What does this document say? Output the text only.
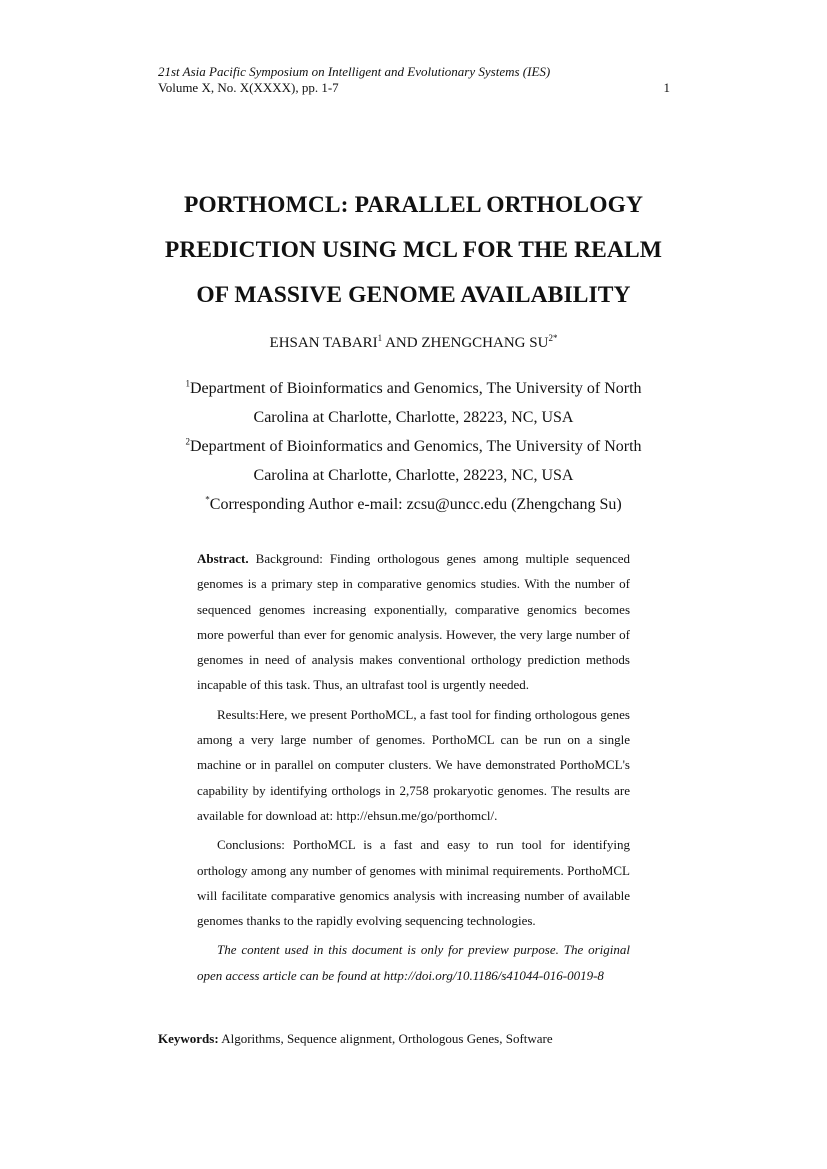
21st Asia Pacific Symposium on Intelligent and Evolutionary Systems (IES)
Volume X, No. X(XXXX), pp. 1-7	1
PORTHOMCL: PARALLEL ORTHOLOGY
PREDICTION USING MCL FOR THE REALM
OF MASSIVE GENOME AVAILABILITY
EHSAN TABARI$^1$ AND ZHENGCHANG $SU^{2*}$
$^1$Department of Bioinformatics and Genomics, The University of North
Carolina at Charlotte, Charlotte, 28223, NC, USA
$^2$Department of Bioinformatics and Genomics, The University of North
Carolina at Charlotte, Charlotte, 28223, NC, USA
*Corresponding Author e-mail: zcsu@uncc.edu (Zhengchang Su)

Abstract. Background: Finding orthologous genes among multiple sequenced genomes is a primary step in comparative genomics studies. With the number of sequenced genomes increasing exponentially, comparative genomics becomes more powerful than ever for genomic analysis. However, the very large number of genomes in need of analysis makes conventional orthology prediction methods incapable of this task. Thus, an ultrafast tool is urgently needed.

Results:Here, we present PorthoMCL, a fast tool for finding orthologous genes among a very large number of genomes. PorthoMCL can be run on a single machine or in parallel on computer clusters. We have demonstrated PorthoMCL's capability by identifying orthologs in 2,758 prokaryotic genomes. The results are available for download at: http://ehsun.me/go/porthomcl/.

Conclusions: PorthoMCL is a fast and easy to run tool for identifying orthology among any number of genomes with minimal requirements. PorthoMCL will facilitate comparative genomics analysis with increasing number of available genomes thanks to the rapidly evolving sequencing technologies.

The content used in this document is only for preview purpose. The original open access article can be found at http://doi.org/10.1186/s41044-016-0019-8

Keywords: Algorithms, Sequence alignment, Orthologous Genes, Software
